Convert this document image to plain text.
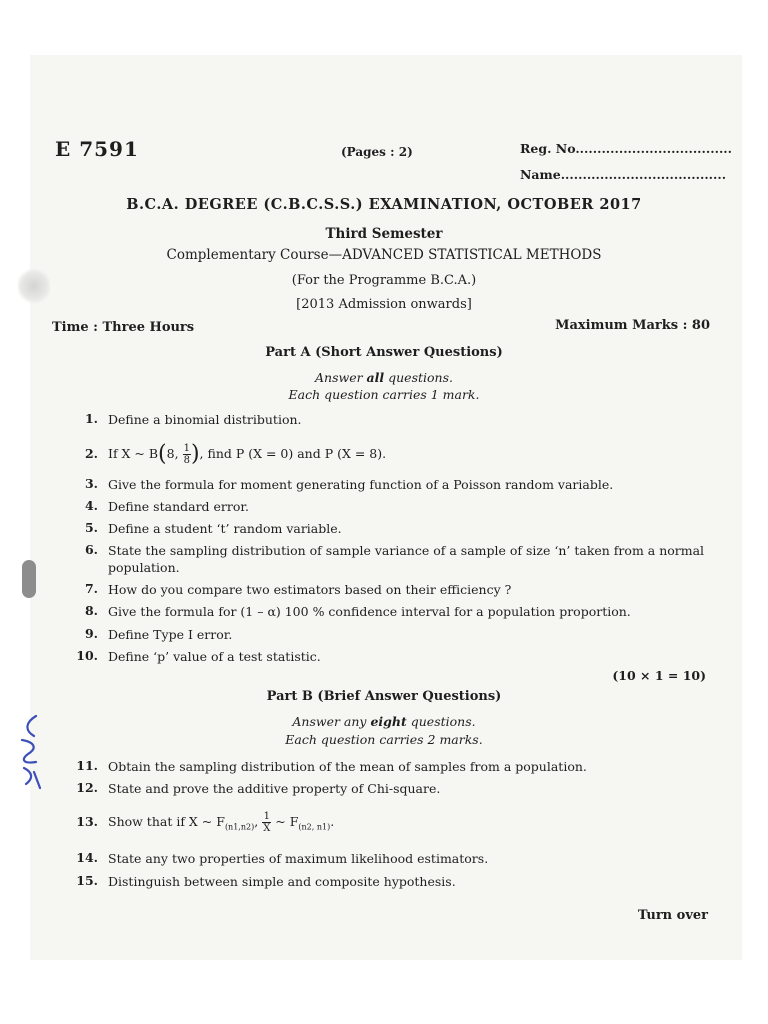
E 7591	(Pages : 2)	Reg. No....................................
Name......................................
B.C.A. DEGREE (C.B.C.S.S.) EXAMINATION, OCTOBER 2017
Third Semester
Complementary Course—ADVANCED STATISTICAL METHODS
(For the Programme B.C.A.)
[2013 Admission onwards]
Time : Three Hours	Maximum Marks : 80
Part A (Short Answer Questions)
Answer all questions.
Each question carries 1 mark.
1. Define a binomial distribution.
2. If X ~ B(8, $\frac{1}{8}$ ), find P (X = 0) and P (X = 8).
3. Give the formula for moment generating function of a Poisson random variable.
4. Define standard error.
5. Define a student ‘t’ random variable.
6. State the sampling distribution of sample variance of a sample of size ‘n’ taken from a normal population.
7. How do you compare two estimators based on their efficiency ?
8. Give the formula for (1 – α) 100 % confidence interval for a population proportion.
9. Define Type I error.
10. Define ‘p’ value of a test statistic.
(10 × 1 = 10)
Part B (Brief Answer Questions)
Answer any eight questions.
Each question carries 2 marks.
11. Obtain the sampling distribution of the mean of samples from a population.
12. State and prove the additive property of Chi-square.
13. Show that if X ~ $F_{(n1,n2)}$, $\frac{1}{X}$ ~ $F_{(n2, n1)}$.
14. State any two properties of maximum likelihood estimators.
15. Distinguish between simple and composite hypothesis.
Turn over
